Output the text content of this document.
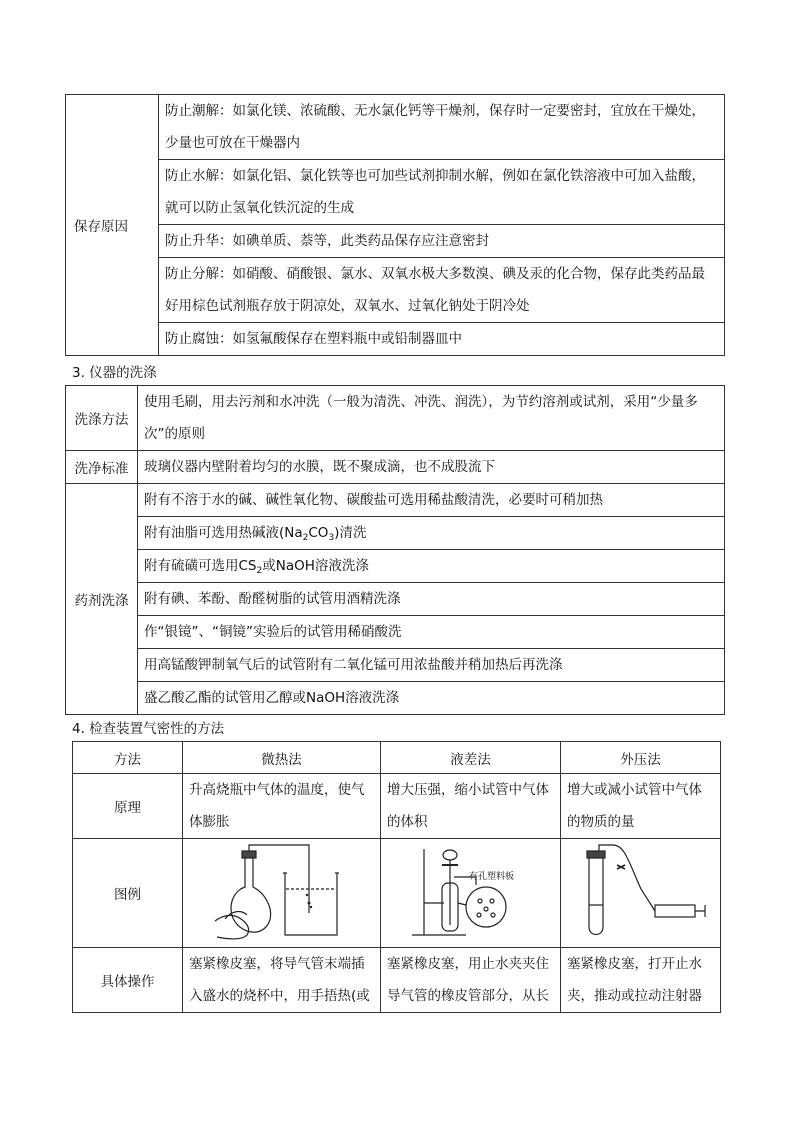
保存原因	防止潮解：如氯化镁、浓硫酸、无水氯化钙等干燥剂，保存时一定要密封，宜放在干燥处，少量也可放在干燥器内
防止水解：如氯化铝、氯化铁等也可加些试剂抑制水解，例如在氯化铁溶液中可加入盐酸，就可以防止氢氧化铁沉淀的生成
防止升华：如碘单质、萘等，此类药品保存应注意密封
防止分解：如硝酸、硝酸银、氯水、双氧水极大多数溴、碘及汞的化合物，保存此类药品最好用棕色试剂瓶存放于阴凉处，双氧水、过氧化钠处于阴冷处
防止腐蚀：如氢氟酸保存在塑料瓶中或铅制器皿中
3. 仪器的洗涤
洗涤方法	使用毛刷，用去污剂和水冲洗（一般为清洗、冲洗、润洗），为节约溶剂或试剂，采用“少量多次”的原则
洗净标准	玻璃仪器内壁附着均匀的水膜，既不聚成滴，也不成股流下
药剂洗涤	附有不溶于水的碱、碱性氧化物、碳酸盐可选用稀盐酸清洗，必要时可稍加热
	附有油脂可选用热碱液$(Na_2CO_3)$清洗
	附有硫磺可选用$CS_2$或NaOH溶液洗涤
	附有碘、苯酚、酚醛树脂的试管用酒精洗涤
	作“银镜”、“铜镜”实验后的试管用稀硝酸洗
	用高锰酸钾制氧气后的试管附有二氧化锰可用浓盐酸并稍加热后再洗涤
	盛乙酸乙酯的试管用乙醇或NaOH溶液洗涤
4. 检查装置气密性的方法
方法	微热法	液差法	外压法
原理	升高烧瓶中气体的温度，使气体膨胀	增大压强，缩小试管中气体的体积	增大或减小试管中气体的物质的量
图例		有孔塑料板

具体操作	塞紧橡皮塞，将导气管末端插入盛水的烧杯中，用手捂热(或	塞紧橡皮塞，用止水夹夹住导气管的橡皮管部分，从长	塞紧橡皮塞，打开止水夹，推动或拉动注射器
